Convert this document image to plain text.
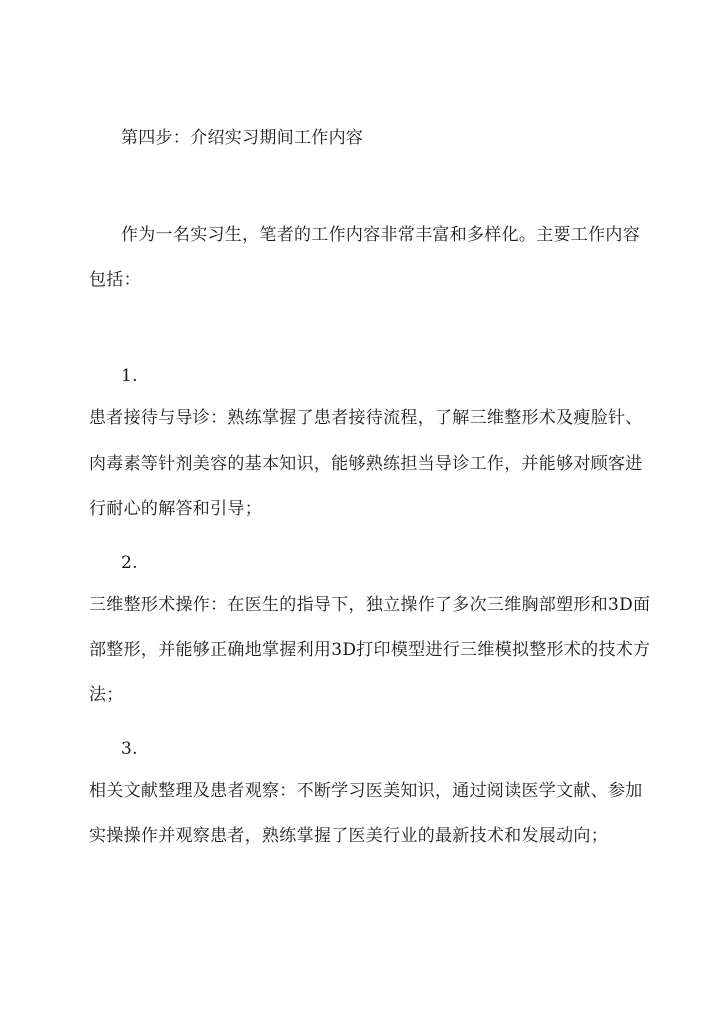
第四步：介绍实习期间工作内容
作为一名实习生，笔者的工作内容非常丰富和多样化。主要工作内容
包括：
1.
患者接待与导诊：熟练掌握了患者接待流程，了解三维整形术及瘦脸针、
肉毒素等针剂美容的基本知识，能够熟练担当导诊工作，并能够对顾客进
行耐心的解答和引导；
2.
三维整形术操作：在医生的指导下，独立操作了多次三维胸部塑形和3D面
部整形，并能够正确地掌握利用3D打印模型进行三维模拟整形术的技术方
法；
3.
相关文献整理及患者观察：不断学习医美知识，通过阅读医学文献、参加
实操操作并观察患者，熟练掌握了医美行业的最新技术和发展动向；
